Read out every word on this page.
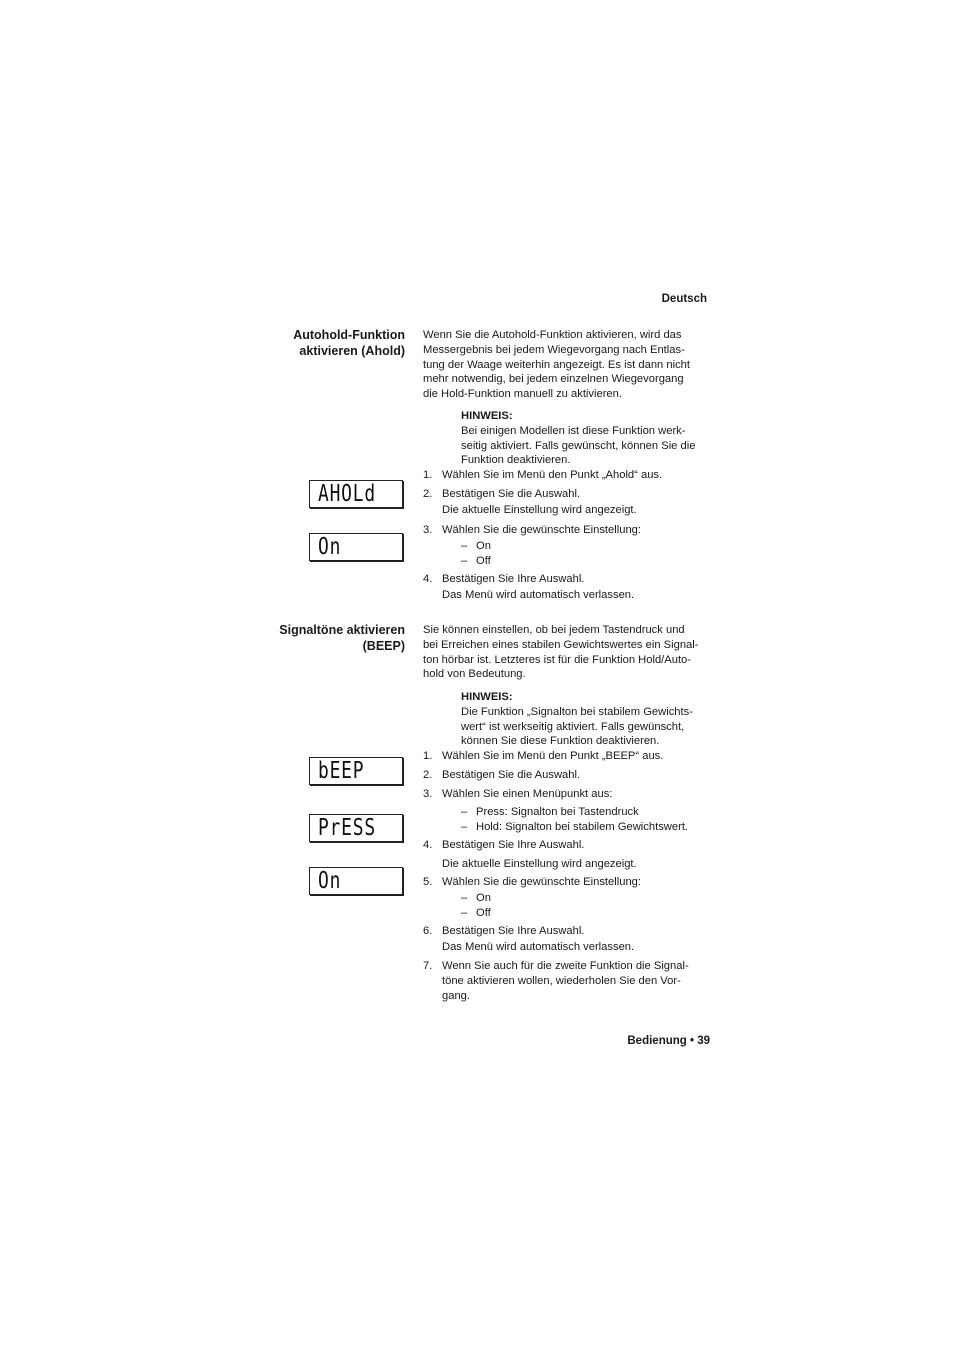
Deutsch
Autohold-Funktion
aktivieren (Ahold)
Wenn Sie die Autohold-Funktion aktivieren, wird das
Messergebnis bei jedem Wiegevorgang nach Entlas-
tung der Waage weiterhin angezeigt. Es ist dann nicht
mehr notwendig, bei jedem einzelnen Wiegevorgang
die Hold-Funktion manuell zu aktivieren.
HINWEIS:
Bei einigen Modellen ist diese Funktion werk-
seitig aktiviert. Falls gewünscht, können Sie die
Funktion deaktivieren.
1. Wählen Sie im Menü den Punkt „Ahold“ aus.
2. Bestätigen Sie die Auswahl.
Die aktuelle Einstellung wird angezeigt.
3. Wählen Sie die gewünschte Einstellung:
– On
– Off
4. Bestätigen Sie Ihre Auswahl.
Das Menü wird automatisch verlassen.
AHOLd
On
Signaltöne aktivieren
(BEEP)
Sie können einstellen, ob bei jedem Tastendruck und
bei Erreichen eines stabilen Gewichtswertes ein Signal-
ton hörbar ist. Letzteres ist für die Funktion Hold/Auto-
hold von Bedeutung.
HINWEIS:
Die Funktion „Signalton bei stabilem Gewichts-
wert“ ist werkseitig aktiviert. Falls gewünscht,
können Sie diese Funktion deaktivieren.
1. Wählen Sie im Menü den Punkt „BEEP“ aus.
2. Bestätigen Sie die Auswahl.
3. Wählen Sie einen Menüpunkt aus:
– Press: Signalton bei Tastendruck
– Hold: Signalton bei stabilem Gewichtswert.
4. Bestätigen Sie Ihre Auswahl.
Die aktuelle Einstellung wird angezeigt.
5. Wählen Sie die gewünschte Einstellung:
– On
– Off
6. Bestätigen Sie Ihre Auswahl.
Das Menü wird automatisch verlassen.
7. Wenn Sie auch für die zweite Funktion die Signal-
töne aktivieren wollen, wiederholen Sie den Vor-
gang.
bEEP
PrESS
On
Bedienung • 39
